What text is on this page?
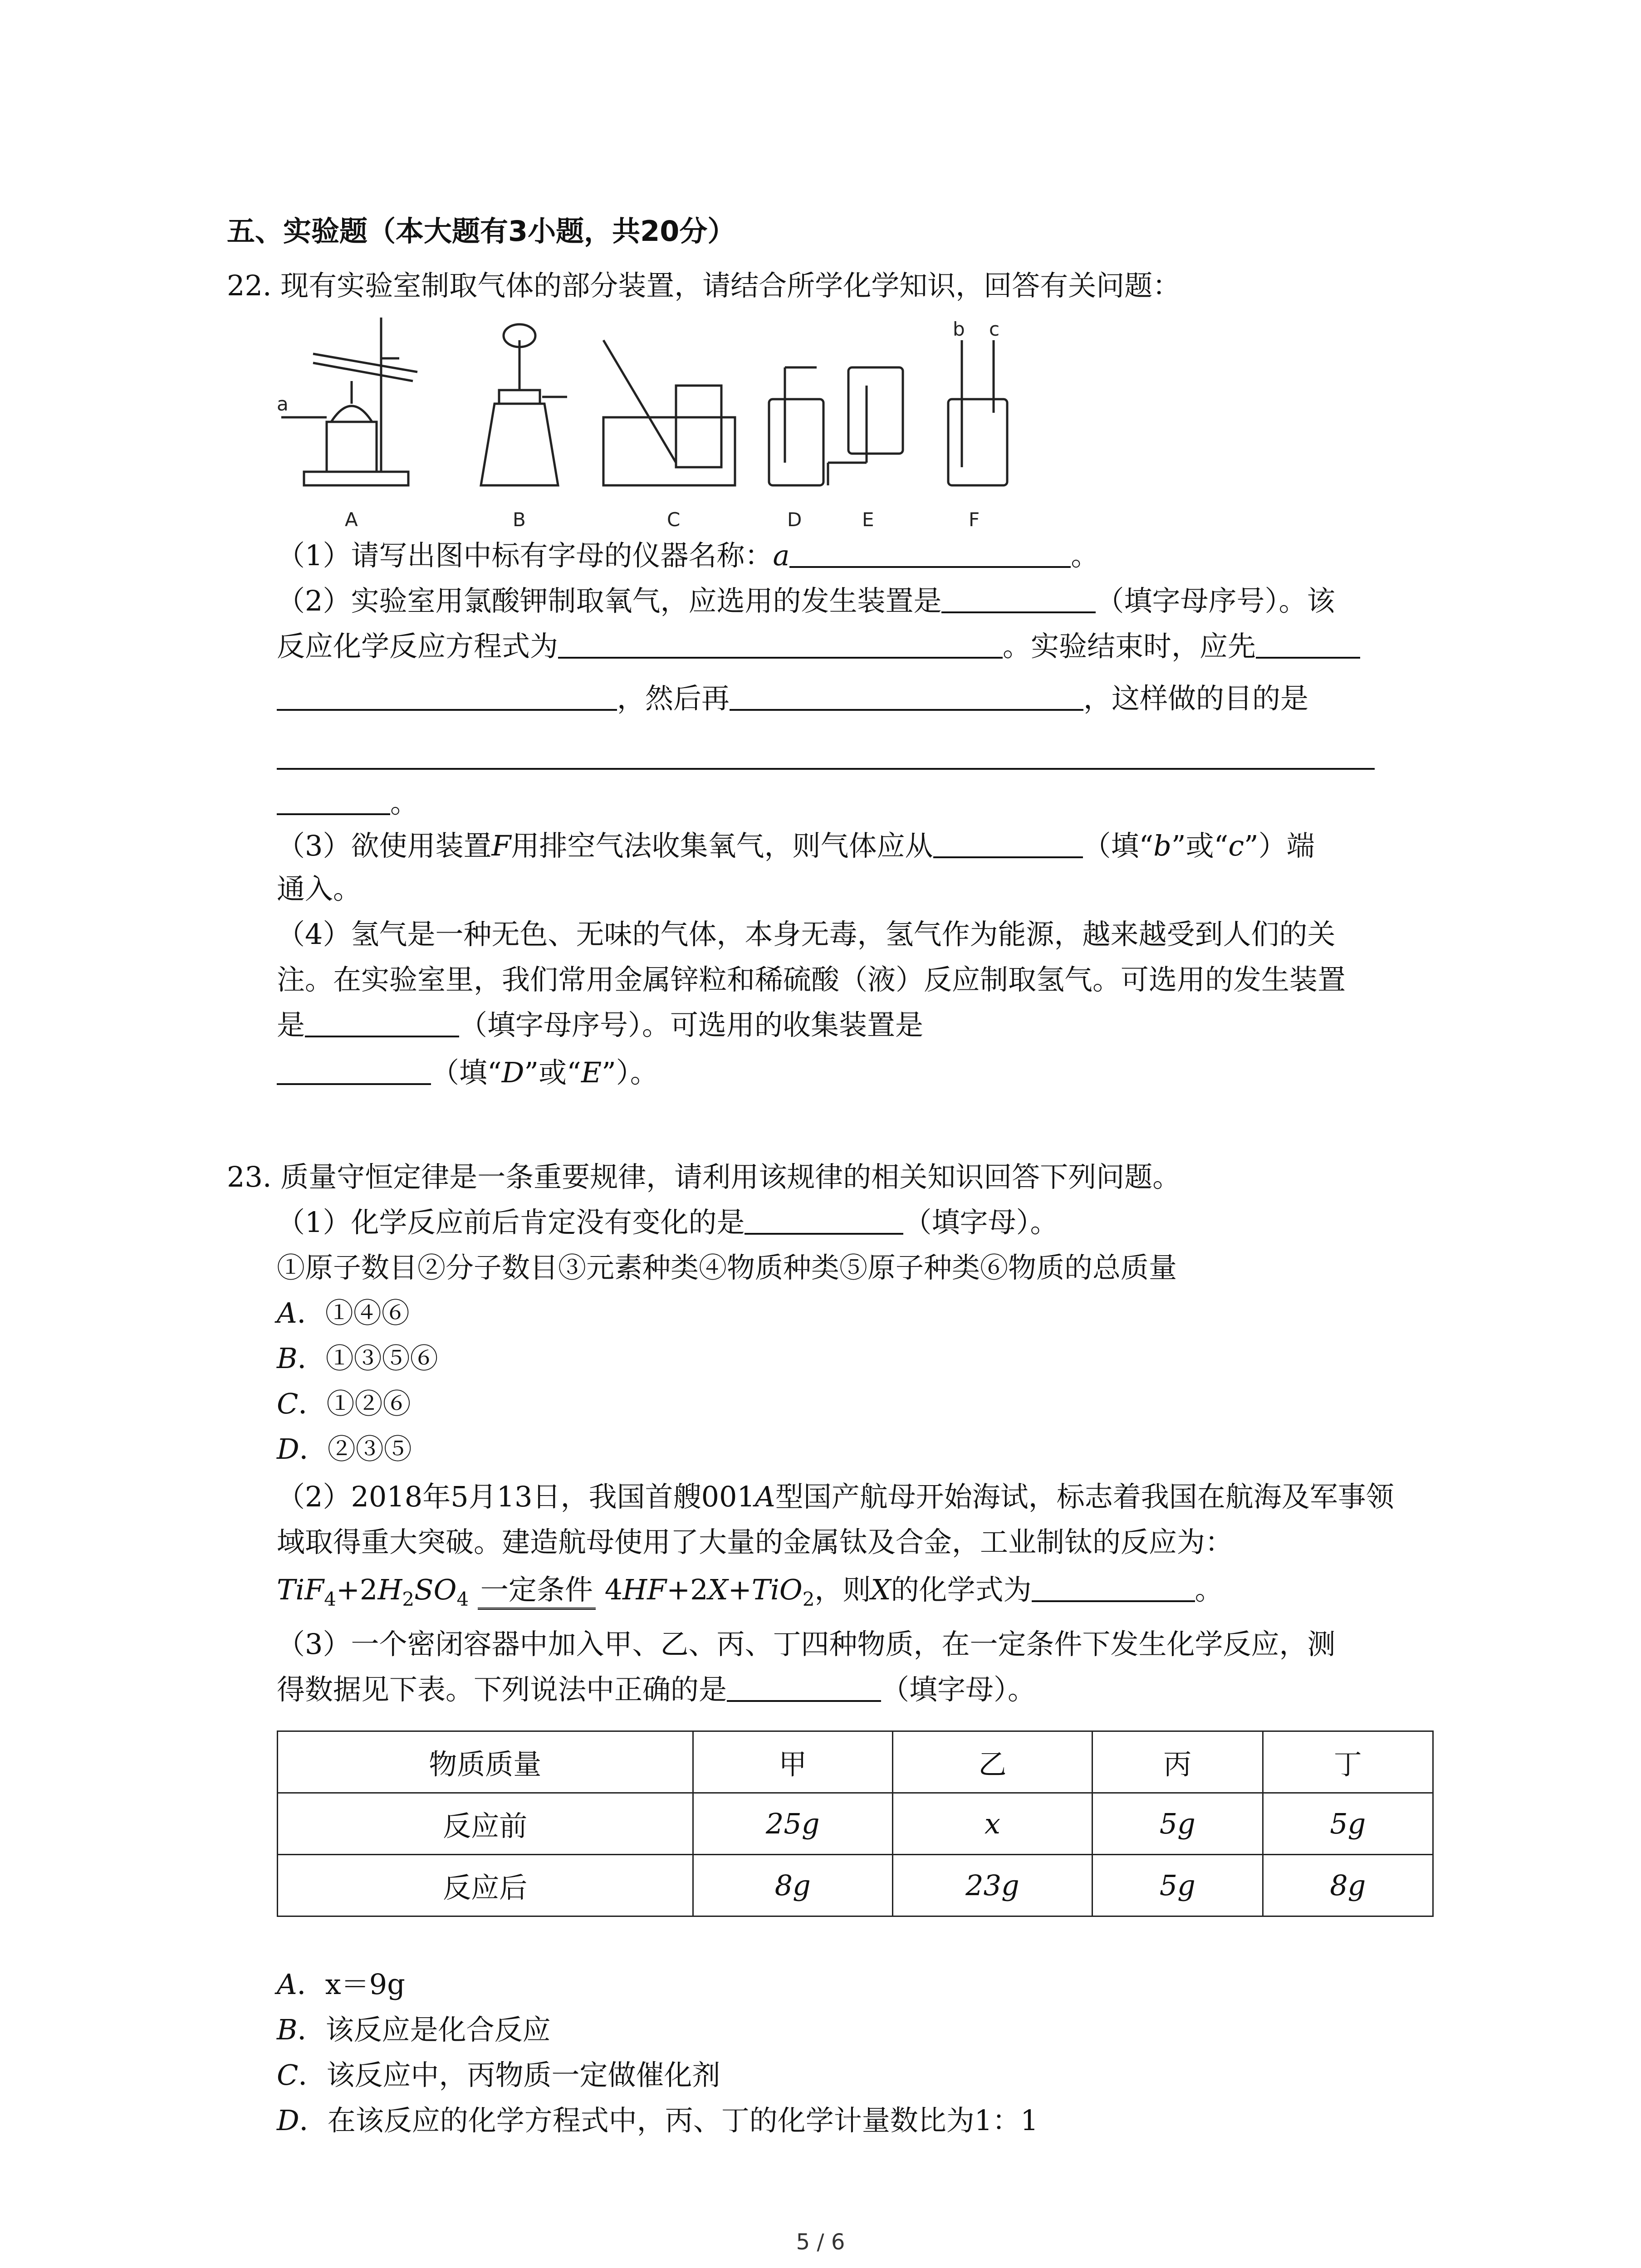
五、实验题（本大题有3小题，共20分）
22. 现有实验室制取气体的部分装置，请结合所学化学知识，回答有关问题：
a
b c
A	B	C	D	E	F
（1）请写出图中标有字母的仪器名称：a	。
（2）实验室用氯酸钾制取氧气，应选用的发生装置是	（填字母序号）。该
反应化学反应方程式为	。实验结束时，应先
，然后再	，这样做的目的是
。
（3）欲使用装置F用排空气法收集氧气，则气体应从	（填“b”或“c”）端
通入。
（4）氢气是一种无色、无味的气体，本身无毒，氢气作为能源，越来越受到人们的关
注。在实验室里，我们常用金属锌粒和稀硫酸（液）反应制取氢气。可选用的发生装置
是	（填字母序号）。可选用的收集装置是
（填“D”或“E”）。
23. 质量守恒定律是一条重要规律，请利用该规律的相关知识回答下列问题。
（1）化学反应前后肯定没有变化的是	（填字母）。
①原子数目②分子数目③元素种类④物质种类⑤原子种类⑥物质的总质量
A．①④⑥
B．①③⑤⑥
C．①②⑥
D．②③⑤
（2）2018年5月13日，我国首艘001A型国产航母开始海试，标志着我国在航海及军事领
域取得重大突破。建造航母使用了大量的金属钛及合金，工业制钛的反应为：
$TiF_4+2H_2SO_4$ 一定条件 4HF+2X+TiO$_2$，则X的化学式为	。
（3）一个密闭容器中加入甲、乙、丙、丁四种物质，在一定条件下发生化学反应，测
得数据见下表。下列说法中正确的是	（填字母）。
物质质量	甲	乙	丙	丁
反应前	25g	x	5g	5g
反应后	8g	23g	5g	8g
A．x＝9g
B．该反应是化合反应
C．该反应中，丙物质一定做催化剂
D．在该反应的化学方程式中，丙、丁的化学计量数比为1：1
5 / 6
